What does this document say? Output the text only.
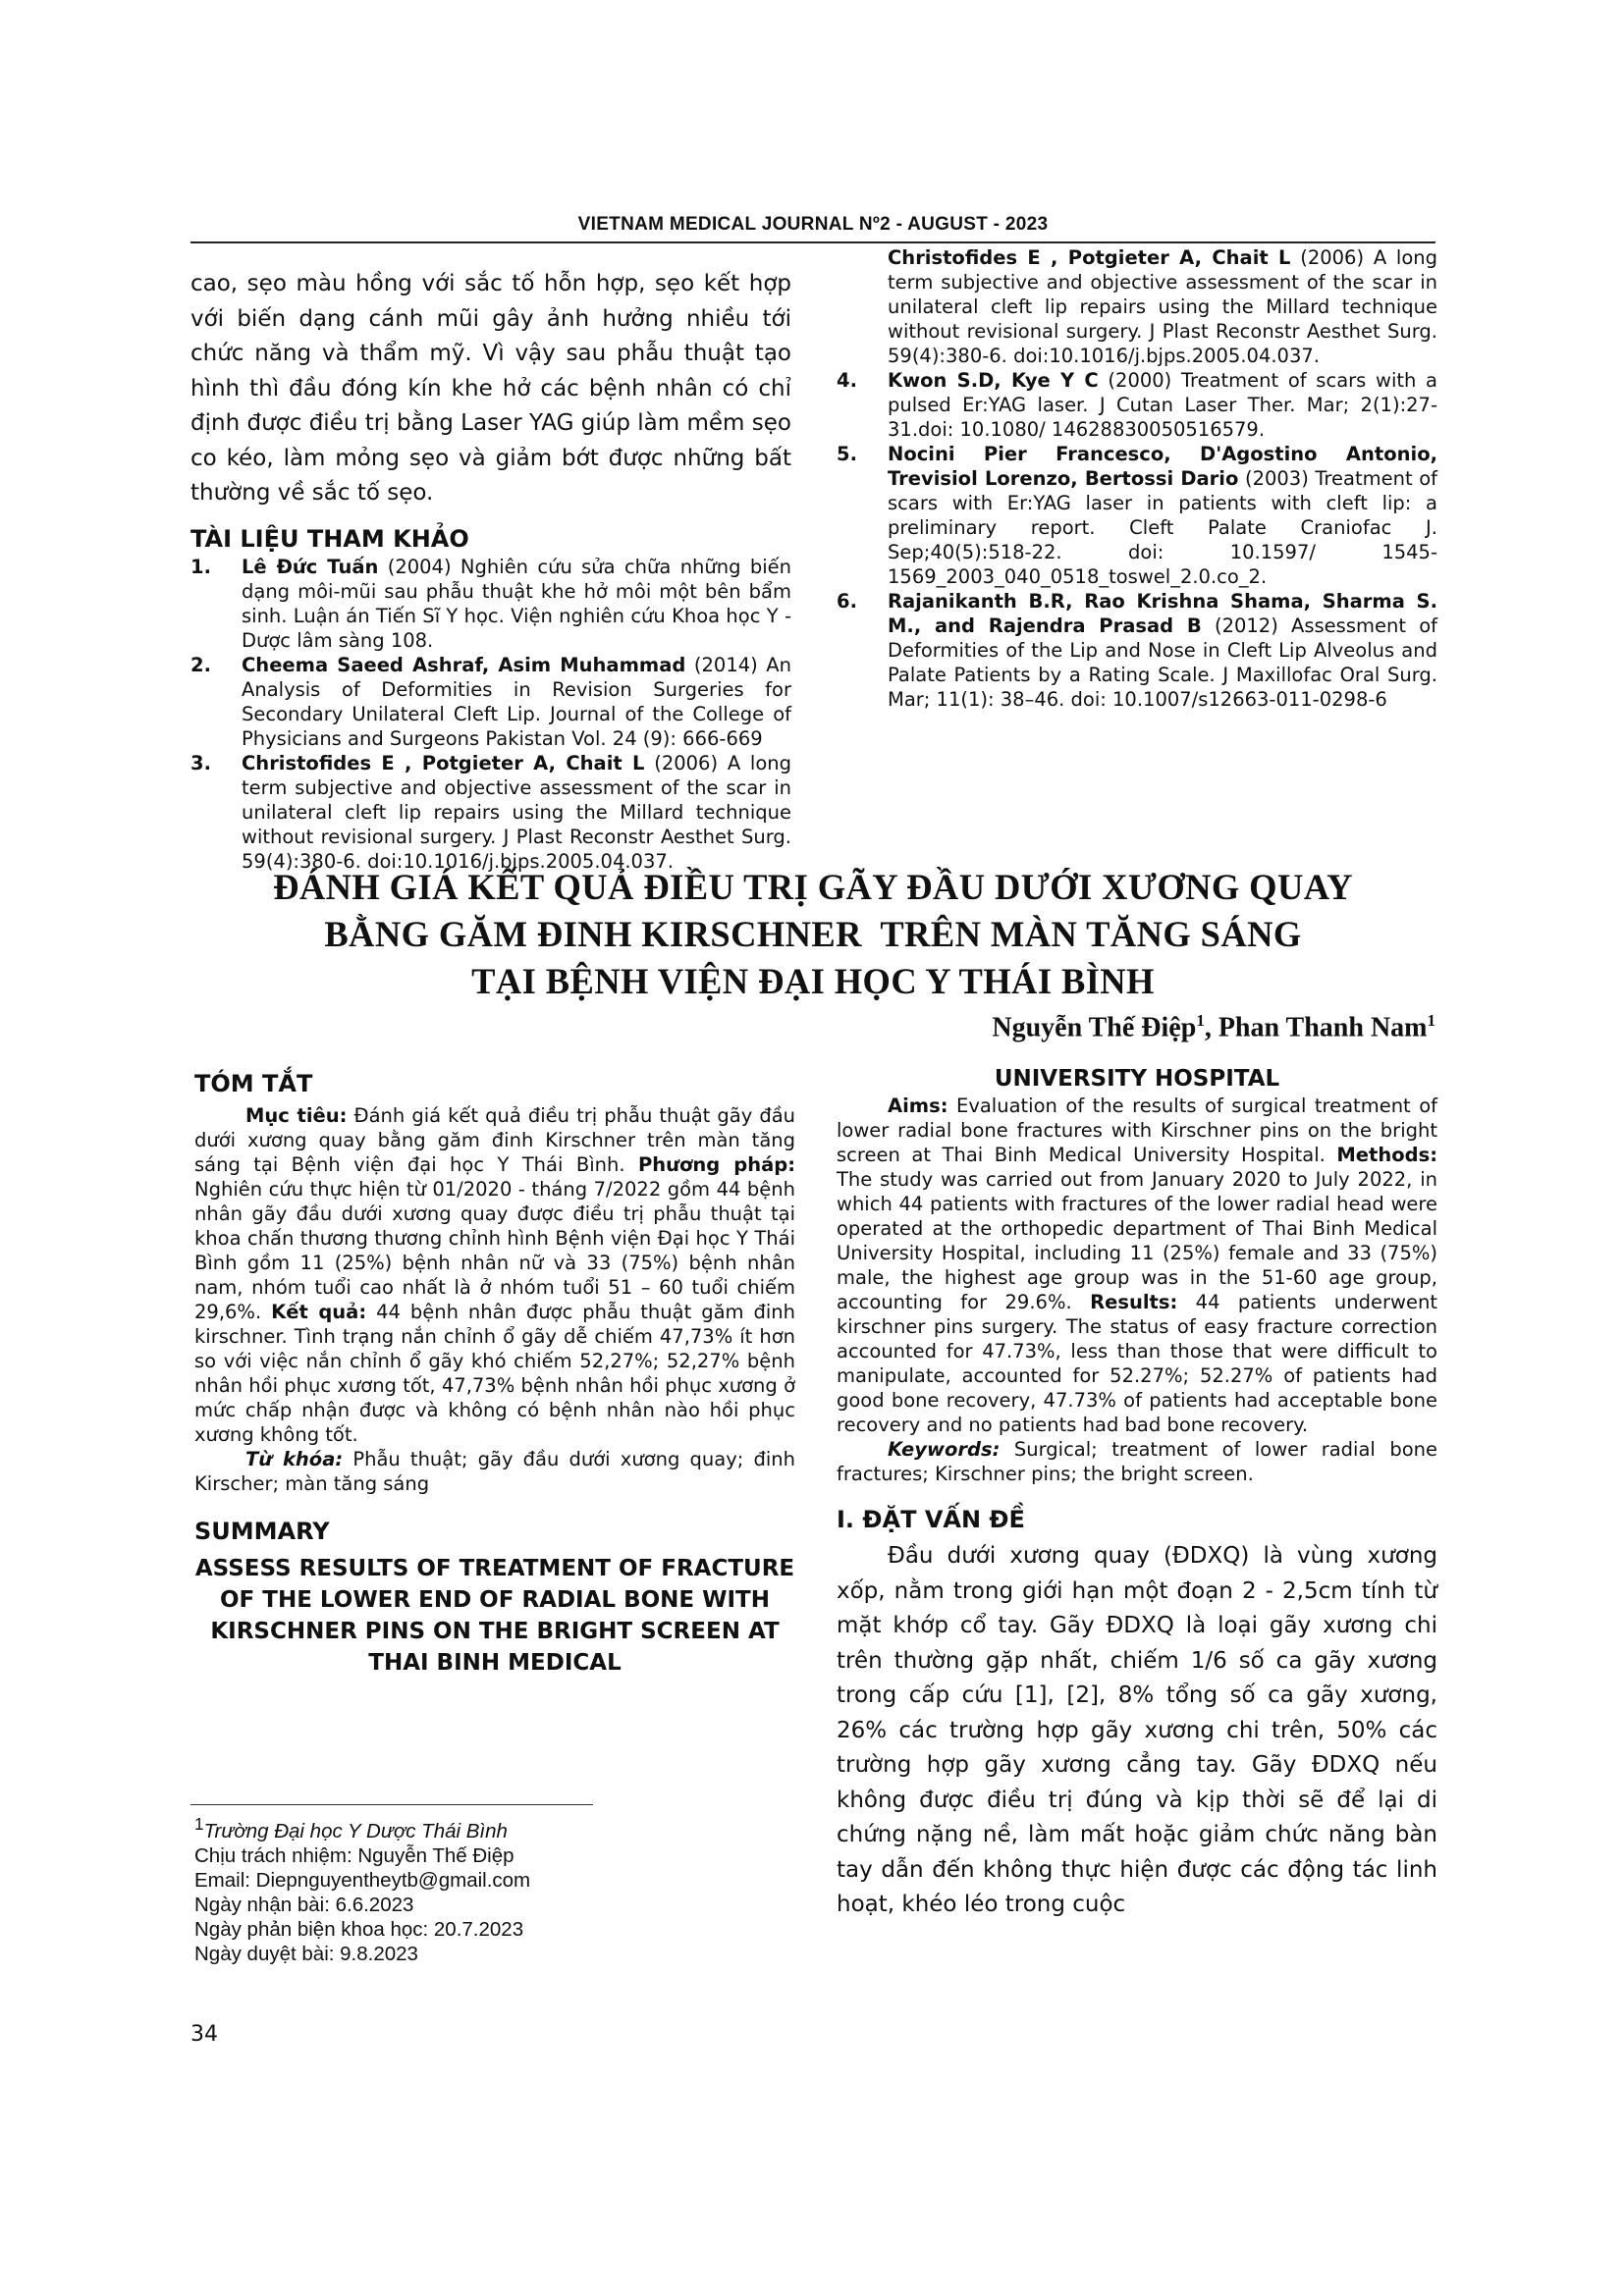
VIETNAM MEDICAL JOURNAL Nº2 - AUGUST - 2023
cao, sẹo màu hồng với sắc tố hỗn hợp, sẹo kết hợp với biến dạng cánh mũi gây ảnh hưởng nhiều tới chức năng và thẩm mỹ. Vì vậy sau phẫu thuật tạo hình thì đầu đóng kín khe hở các bệnh nhân có chỉ định được điều trị bằng Laser YAG giúp làm mềm sẹo co kéo, làm mỏng sẹo và giảm bớt được những bất thường về sắc tố sẹo.
TÀI LIỆU THAM KHẢO
1. Lê Đức Tuấn (2004) Nghiên cứu sửa chữa những biến dạng môi-mũi sau phẫu thuật khe hở môi một bên bẩm sinh. Luận án Tiến Sĩ Y học. Viện nghiên cứu Khoa học Y - Dược lâm sàng 108.
2. Cheema Saeed Ashraf, Asim Muhammad (2014) An Analysis of Deformities in Revision Surgeries for Secondary Unilateral Cleft Lip. Journal of the College of Physicians and Surgeons Pakistan Vol. 24 (9): 666-669
3. Christofides E , Potgieter A, Chait L (2006) A long term subjective and objective assessment of the scar in unilateral cleft lip repairs using the Millard technique without revisional surgery. J Plast Reconstr Aesthet Surg. 59(4):380-6. doi:10.1016/j.bjps.2005.04.037.
Christofides E , Potgieter A, Chait L (2006) A long term subjective and objective assessment of the scar in unilateral cleft lip repairs using the Millard technique without revisional surgery. J Plast Reconstr Aesthet Surg. 59(4):380-6. doi:10.1016/j.bjps.2005.04.037.
4. Kwon S.D, Kye Y C (2000) Treatment of scars with a pulsed Er:YAG laser. J Cutan Laser Ther. Mar; 2(1):27-31.doi: 10.1080/ 14628830050516579.
5. Nocini Pier Francesco, D'Agostino Antonio, Trevisiol Lorenzo, Bertossi Dario (2003) Treatment of scars with Er:YAG laser in patients with cleft lip: a preliminary report. Cleft Palate Craniofac J. Sep;40(5):518-22. doi: 10.1597/ 1545-1569_2003_040_0518_toswel_2.0.co_2.
6. Rajanikanth B.R, Rao Krishna Shama, Sharma S. M., and Rajendra Prasad B (2012) Assessment of Deformities of the Lip and Nose in Cleft Lip Alveolus and Palate Patients by a Rating Scale. J Maxillofac Oral Surg. Mar; 11(1): 38–46. doi: 10.1007/s12663-011-0298-6
ĐÁNH GIÁ KẾT QUẢ ĐIỀU TRỊ GÃY ĐẦU DƯỚI XƯƠNG QUAY
BẰNG GĂM ĐINH KIRSCHNER  TRÊN MÀN TĂNG SÁNG
TẠI BỆNH VIỆN ĐẠI HỌC Y THÁI BÌNH
Nguyễn Thế Điệp$^1$, Phan Thanh Nam$^1$
TÓM TẮT
Mục tiêu: Đánh giá kết quả điều trị phẫu thuật gãy đầu dưới xương quay bằng găm đinh Kirschner trên màn tăng sáng tại Bệnh viện đại học Y Thái Bình. Phương pháp: Nghiên cứu thực hiện từ 01/2020 - tháng 7/2022 gồm 44 bệnh nhân gãy đầu dưới xương quay được điều trị phẫu thuật tại khoa chấn thương thương chỉnh hình Bệnh viện Đại học Y Thái Bình gồm 11 (25%) bệnh nhân nữ và 33 (75%) bệnh nhân nam, nhóm tuổi cao nhất là ở nhóm tuổi 51 – 60 tuổi chiếm 29,6%. Kết quả: 44 bệnh nhân được phẫu thuật găm đinh kirschner. Tình trạng nắn chỉnh ổ gãy dễ chiếm 47,73% ít hơn so với việc nắn chỉnh ổ gãy khó chiếm 52,27%; 52,27% bệnh nhân hồi phục xương tốt, 47,73% bệnh nhân hồi phục xương ở mức chấp nhận được và không có bệnh nhân nào hồi phục xương không tốt.
Từ khóa: Phẫu thuật; gãy đầu dưới xương quay; đinh Kirscher; màn tăng sáng
SUMMARY
ASSESS RESULTS OF TREATMENT OF FRACTURE OF THE LOWER END OF RADIAL BONE WITH KIRSCHNER PINS ON THE BRIGHT SCREEN AT THAI BINH MEDICAL
UNIVERSITY HOSPITAL
Aims: Evaluation of the results of surgical treatment of lower radial bone fractures with Kirschner pins on the bright screen at Thai Binh Medical University Hospital. Methods: The study was carried out from January 2020 to July 2022, in which 44 patients with fractures of the lower radial head were operated at the orthopedic department of Thai Binh Medical University Hospital, including 11 (25%) female and 33 (75%) male, the highest age group was in the 51-60 age group, accounting for 29.6%. Results: 44 patients underwent kirschner pins surgery. The status of easy fracture correction accounted for 47.73%, less than those that were difficult to manipulate, accounted for 52.27%; 52.27% of patients had good bone recovery, 47.73% of patients had acceptable bone recovery and no patients had bad bone recovery.
Keywords: Surgical; treatment of lower radial bone fractures; Kirschner pins; the bright screen.
I. ĐẶT VẤN ĐỀ
Đầu dưới xương quay (ĐDXQ) là vùng xương xốp, nằm trong giới hạn một đoạn 2 - 2,5cm tính từ mặt khớp cổ tay. Gãy ĐDXQ là loại gãy xương chi trên thường gặp nhất, chiếm 1/6 số ca gãy xương trong cấp cứu [1], [2], 8% tổng số ca gãy xương, 26% các trường hợp gãy xương chi trên, 50% các trường hợp gãy xương cẳng tay. Gãy ĐDXQ nếu không được điều trị đúng và kịp thời sẽ để lại di chứng nặng nề, làm mất hoặc giảm chức năng bàn tay dẫn đến không thực hiện được các động tác linh hoạt, khéo léo trong cuộc
$^1$Trường Đại học Y Dược Thái Bình
Chịu trách nhiệm: Nguyễn Thế Điệp
Email: Diepnguyentheytb@gmail.com
Ngày nhận bài: 6.6.2023
Ngày phản biện khoa học: 20.7.2023
Ngày duyệt bài: 9.8.2023
34
